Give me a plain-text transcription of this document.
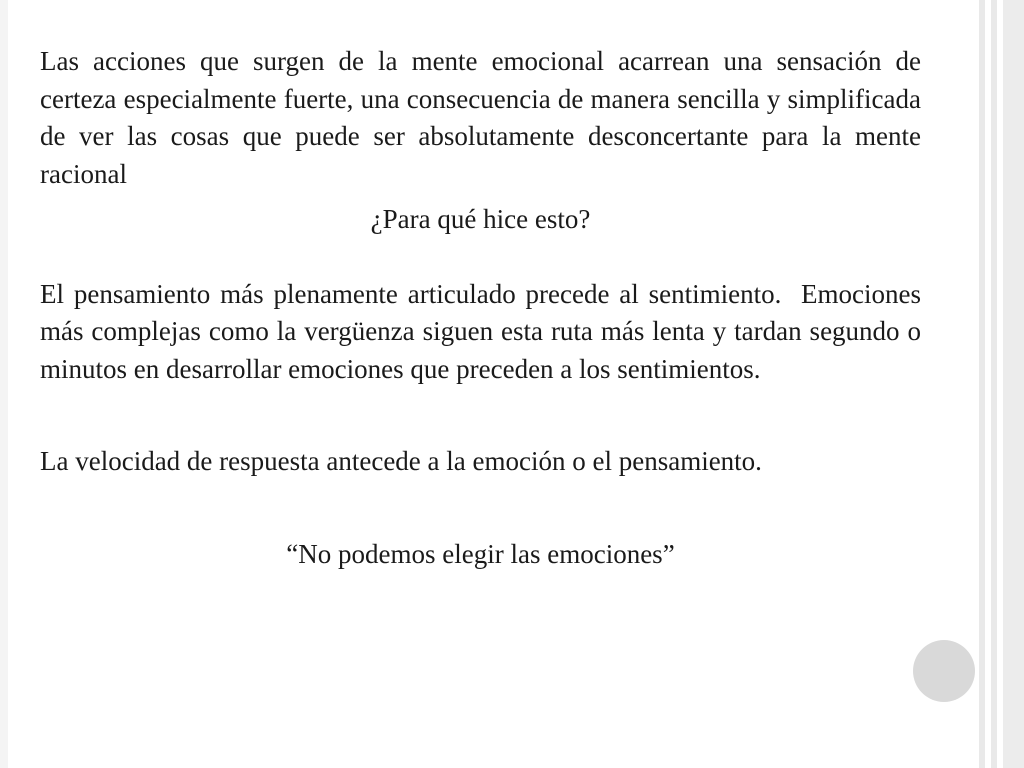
Las acciones que surgen de la mente emocional acarrean una sensación de certeza especialmente fuerte, una consecuencia de manera sencilla y simplificada de ver las cosas que puede ser absolutamente desconcertante para la mente racional

¿Para qué hice esto?

El pensamiento más plenamente articulado precede al sentimiento.  Emociones más complejas como la vergüenza siguen esta ruta más lenta y tardan segundo o minutos en desarrollar emociones que preceden a los sentimientos.

La velocidad de respuesta antecede a la emoción o el pensamiento.

“No podemos elegir las emociones”
